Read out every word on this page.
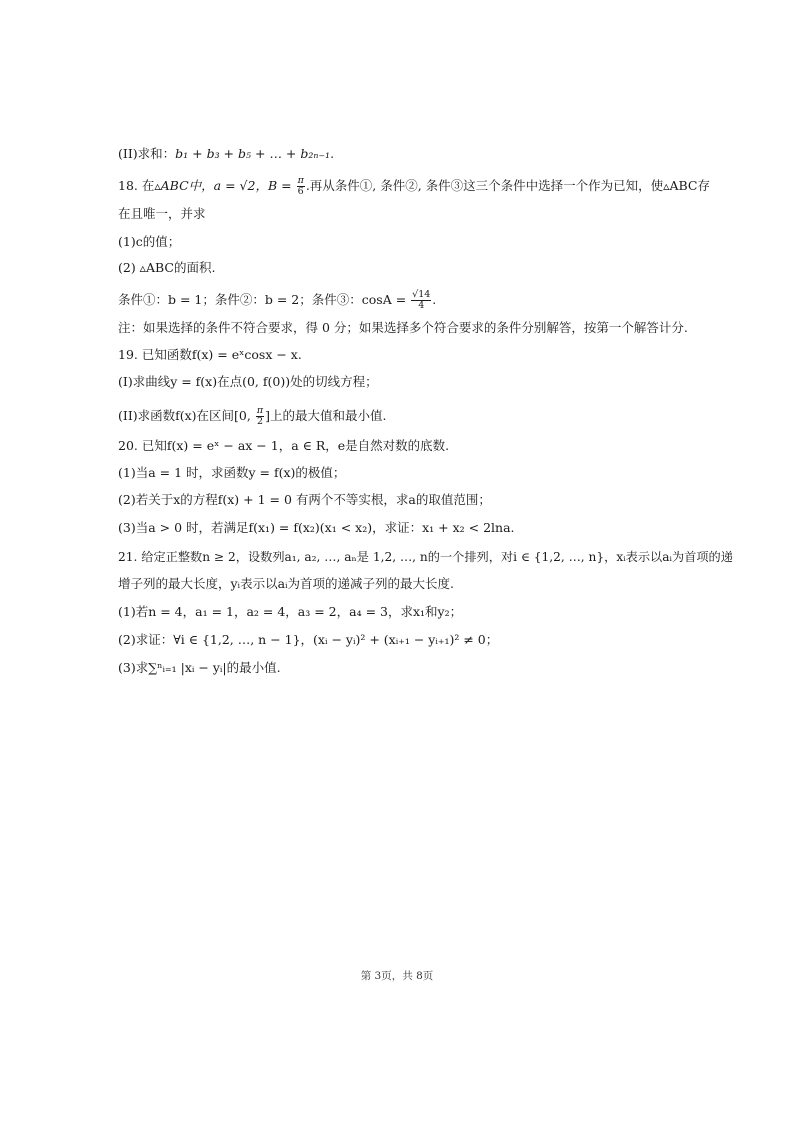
(II)求和：b₁ + b₃ + b₅ + … + b₂ₙ₋₁.

18. 在▵ABC中，a = √2，$B = \frac{\pi}{6}$ .再从条件①, 条件②, 条件③这三个条件中选择一个作为已知，使▵ABC存

在且唯一，并求

(1)c的值；

(2) ▵ABC的面积.

条件①：b = 1；条件②：b = 2；条件③：$\cos A = \frac{√14}{4}$ .

注：如果选择的条件不符合要求，得 0 分；如果选择多个符合要求的条件分别解答，按第一个解答计分.

19. 已知函数f(x) = eˣcosx − x.

(I)求曲线y = f(x)在点(0, f(0))处的切线方程；

(II)求函数f(x)在区间[0, $\frac{\pi}{2}$ ]上的最大值和最小值.

20. 已知f(x) = eˣ − ax − 1，a ∈ R，e是自然对数的底数.

(1)当a = 1 时，求函数y = f(x)的极值；

(2)若关于x的方程f(x) + 1 = 0 有两个不等实根，求a的取值范围；

(3)当a > 0 时，若满足f(x₁) = f(x₂)(x₁ < x₂)，求证：x₁ + x₂ < 2lna.

21. 给定正整数n ≥ 2，设数列a₁, a₂, …, aₙ是 1,2, …, n的一个排列，对i ∈ {1,2, …, n}，xᵢ表示以aᵢ为首项的递

增子列的最大长度，yᵢ表示以aᵢ为首项的递减子列的最大长度.

(1)若n = 4，a₁ = 1，a₂ = 4，a₃ = 2，a₄ = 3，求x₁和y₂；

(2)求证：∀i ∈ {1,2, …, n − 1}，(xᵢ − yᵢ)² + (xᵢ₊₁ − yᵢ₊₁)² ≠ 0；

(3)求∑ⁿᵢ₌₁ |xᵢ − yᵢ|的最小值.

第 3页，共 8页
